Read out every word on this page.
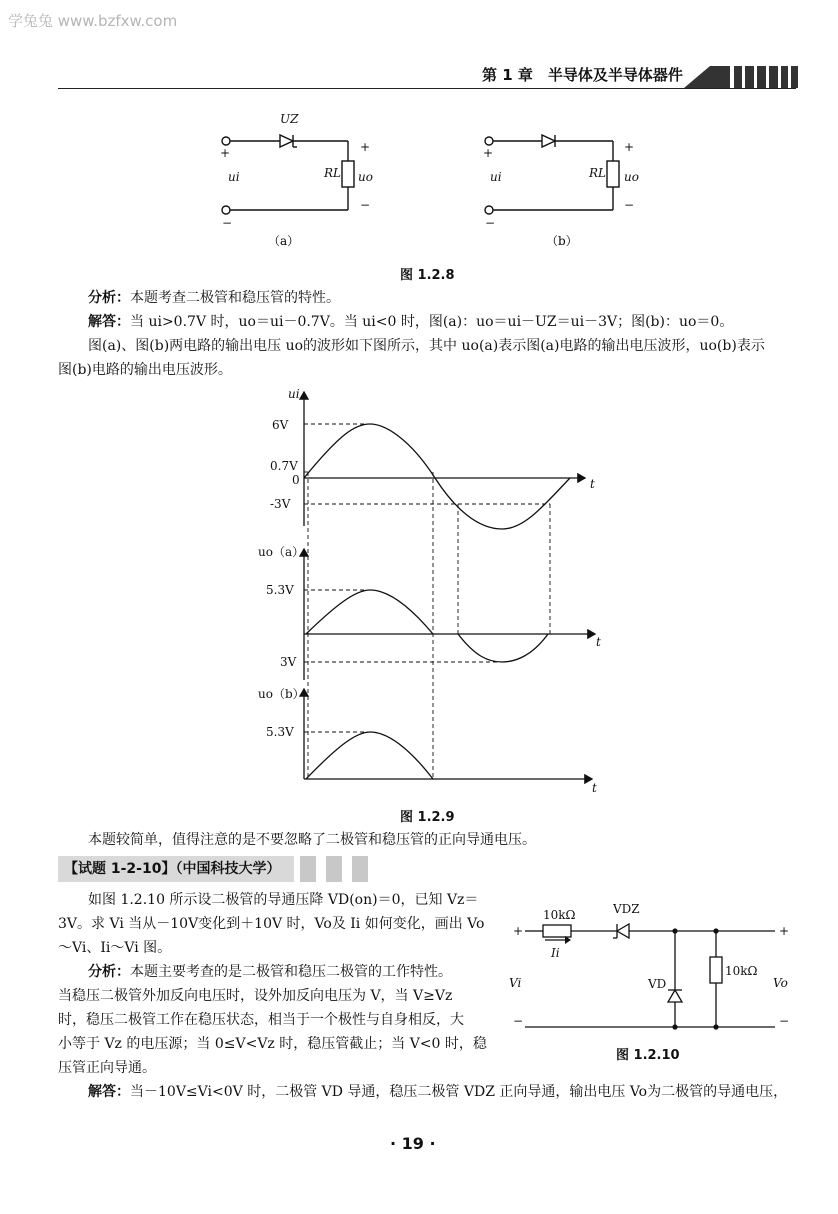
学兔兔 www.bzfxw.com
第 1 章　半导体及半导体器件
+
−
+
−
+
−
+
−
UZ
ui	RL uo	ui	RL uo
（a）	（b）
图 1.2.8
分析：本题考查二极管和稳压管的特性。
解答：当 ui>0.7V 时，uo＝ui－0.7V。当 ui<0 时，图(a)：uo＝ui－UZ＝ui－3V；图(b)：uo＝0。
图(a)、图(b)两电路的输出电压 uo的波形如下图所示，其中 uo(a)表示图(a)电路的输出电压波形，uo(b)表示
图(b)电路的输出电压波形。
ui
6V
0.7V
0
-3V
t
uo（a）
5.3V
3V
t
uo（b）
5.3V
t
图 1.2.9
本题较简单，值得注意的是不要忽略了二极管和稳压管的正向导通电压。
【试题 1-2-10】（中国科技大学）
如图 1.2.10 所示设二极管的导通压降 VD(on)＝0，已知 Vz＝
3V。求 Vi 当从－10V变化到＋10V 时，Vo及 Ii 如何变化，画出 Vo
～Vi、Ii～Vi 图。
分析：本题主要考查的是二极管和稳压二极管的工作特性。
当稳压二极管外加反向电压时，设外加反向电压为 V，当 V≥Vz
时，稳压二极管工作在稳压状态，相当于一个极性与自身相反，大
小等于 Vz 的电压源；当 0≤V<Vz 时，稳压管截止；当 V<0 时，稳
压管正向导通。
+
−
+
−
10kΩ	VDZ
VD
10kΩ
Ii
Vi	Vo
图 1.2.10
解答：当－10V≤Vi<0V 时，二极管 VD 导通，稳压二极管 VDZ 正向导通，输出电压 Vo为二极管的导通电压，
· 19 ·
